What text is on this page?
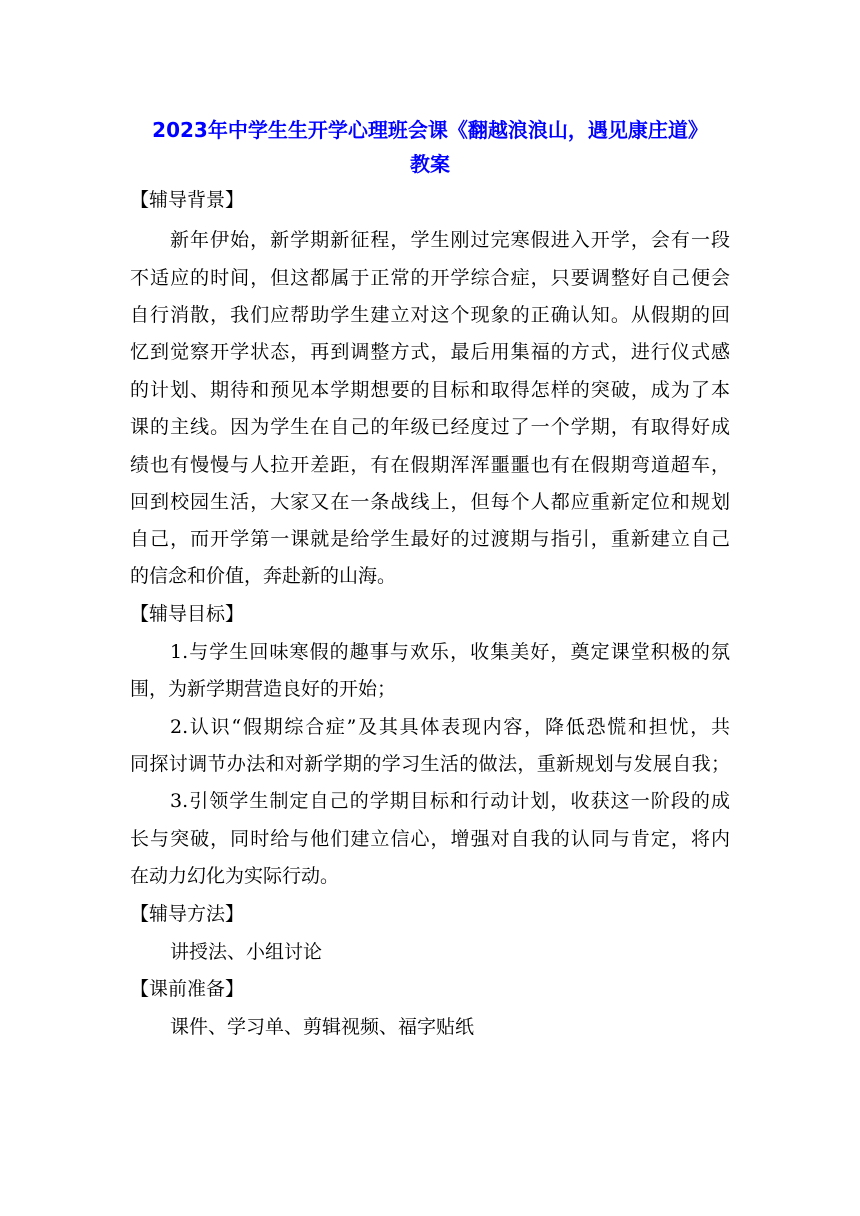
2023年中学生生开学心理班会课《翻越浪浪山，遇见康庄道》
教案
【辅导背景】
新年伊始，新学期新征程，学生刚过完寒假进入开学，会有一段
不适应的时间，但这都属于正常的开学综合症，只要调整好自己便会
自行消散，我们应帮助学生建立对这个现象的正确认知。从假期的回
忆到觉察开学状态，再到调整方式，最后用集福的方式，进行仪式感
的计划、期待和预见本学期想要的目标和取得怎样的突破，成为了本
课的主线。因为学生在自己的年级已经度过了一个学期，有取得好成
绩也有慢慢与人拉开差距，有在假期浑浑噩噩也有在假期弯道超车，
回到校园生活，大家又在一条战线上，但每个人都应重新定位和规划
自己，而开学第一课就是给学生最好的过渡期与指引，重新建立自己
的信念和价值，奔赴新的山海。
【辅导目标】
1.与学生回味寒假的趣事与欢乐，收集美好，奠定课堂积极的氛
围，为新学期营造良好的开始；
2.认识“假期综合症”及其具体表现内容，降低恐慌和担忧，共
同探讨调节办法和对新学期的学习生活的做法，重新规划与发展自我；
3.引领学生制定自己的学期目标和行动计划，收获这一阶段的成
长与突破，同时给与他们建立信心，增强对自我的认同与肯定，将内
在动力幻化为实际行动。
【辅导方法】
讲授法、小组讨论
【课前准备】
课件、学习单、剪辑视频、福字贴纸
